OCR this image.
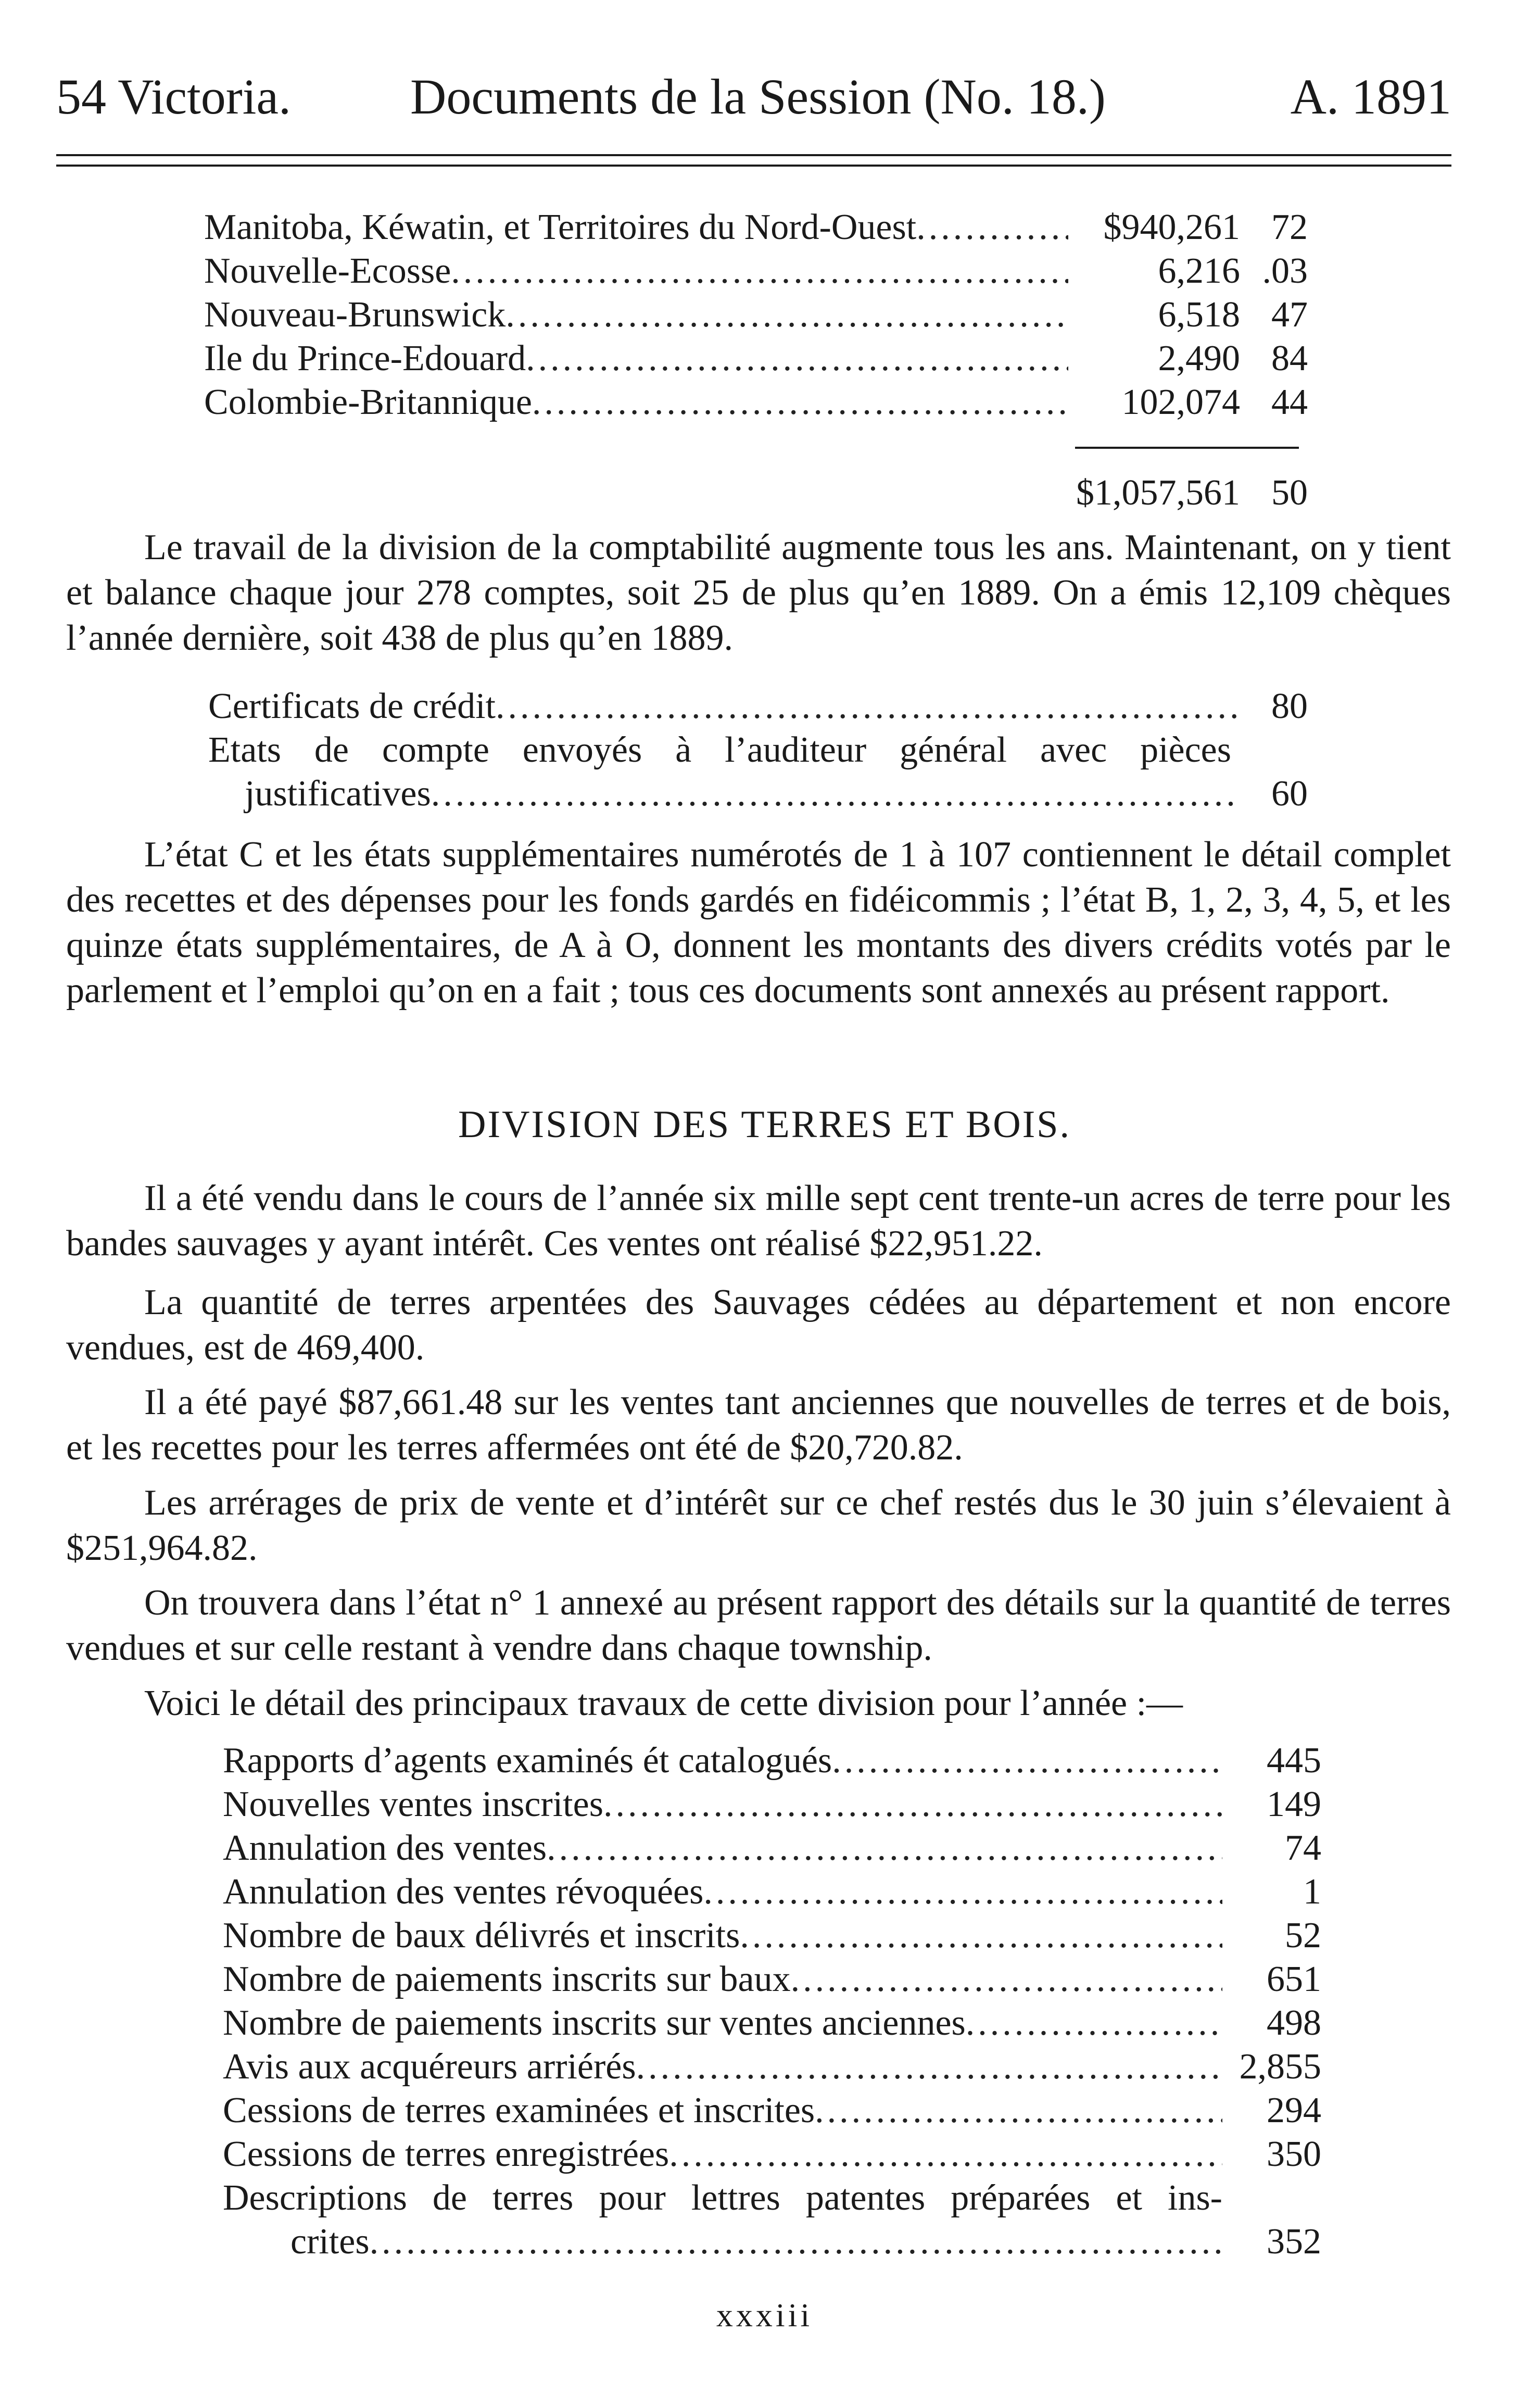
54 Victoria. Documents de la Session (No. 18.)	A. 1891
Manitoba, Kéwatin, et Territoires du Nord-Ouest .....	$940,261 72
Nouvelle-Ecosse .....	6,216 .03
Nouveau-Brunswick .....	6,518 47
Ile du Prince-Edouard .....	2,490 84
Colombie-Britannique .....	102,074 44
$1,057,561 50
Le travail de la division de la comptabilité augmente tous les ans. Maintenant, on y tient et balance chaque jour 278 comptes, soit 25 de plus qu’en 1889. On a émis 12,109 chèques l’année dernière, soit 438 de plus qu’en 1889.
Certificats de crédit .....	80
Etats de compte envoyés à l’auditeur général avec pièces
justificatives .....	60
L’état C et les états supplémentaires numérotés de 1 à 107 contiennent le détail complet des recettes et des dépenses pour les fonds gardés en fidéicommis ; l’état B, 1, 2, 3, 4, 5, et les quinze états supplémentaires, de A à O, donnent les montants des divers crédits votés par le parlement et l’emploi qu’on en a fait ; tous ces documents sont annexés au présent rapport.
DIVISION DES TERRES ET BOIS.
Il a été vendu dans le cours de l’année six mille sept cent trente-un acres de terre pour les bandes sauvages y ayant intérêt. Ces ventes ont réalisé $22,951.22.
La quantité de terres arpentées des Sauvages cédées au département et non encore vendues, est de 469,400.
Il a été payé $87,661.48 sur les ventes tant anciennes que nouvelles de terres et de bois, et les recettes pour les terres affermées ont été de $20,720.82.
Les arrérages de prix de vente et d’intérêt sur ce chef restés dus le 30 juin s’élevaient à $251,964.82.
On trouvera dans l’état n° 1 annexé au présent rapport des détails sur la quantité de terres vendues et sur celle restant à vendre dans chaque township.
Voici le détail des principaux travaux de cette division pour l’année :—
Rapports d’agents examinés ét catalogués .....	445
Nouvelles ventes inscrites .....	149
Annulation des ventes .....	74
Annulation des ventes révoquées .....	1
Nombre de baux délivrés et inscrits .....	52
Nombre de paiements inscrits sur baux .....	651
Nombre de paiements inscrits sur ventes anciennes .....	498
Avis aux acquéreurs arriérés .....	2,855
Cessions de terres examinées et inscrites .....	294
Cessions de terres enregistrées .....	350
Descriptions de terres pour lettres patentes préparées et ins-
crites .....	352
xxxiii
